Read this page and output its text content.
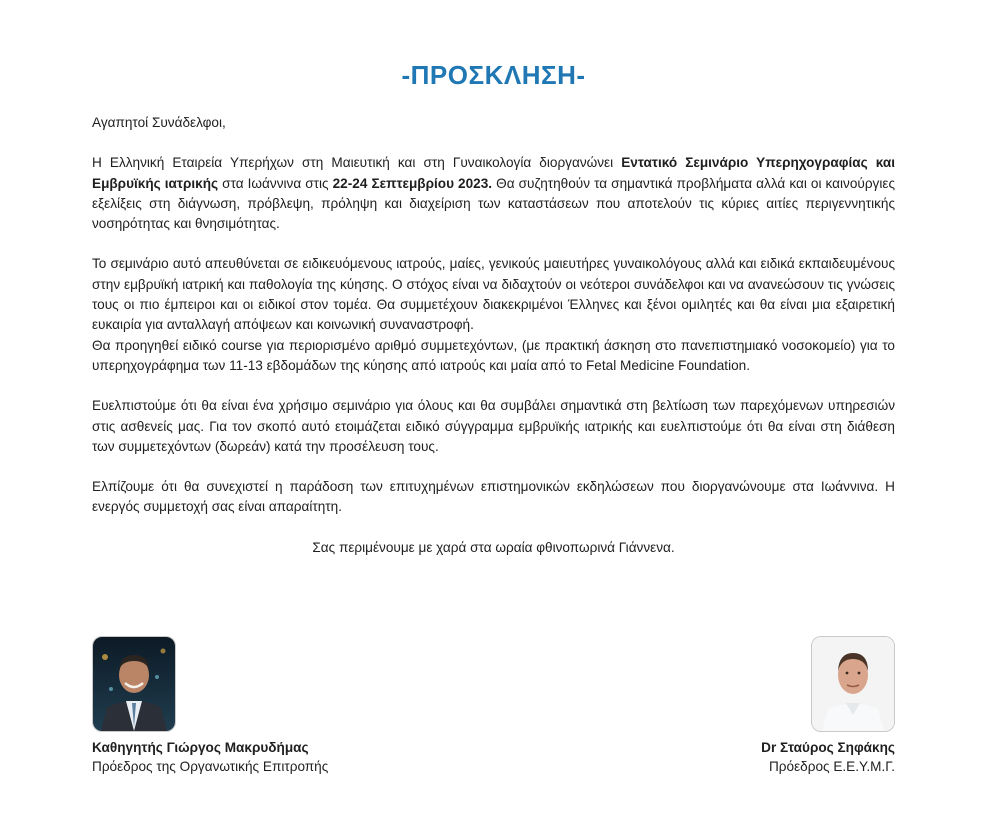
-ΠΡΟΣΚΛΗΣΗ-

Αγαπητοί Συνάδελφοι,

Η Ελληνική Εταιρεία Υπερήχων στη Μαιευτική και στη Γυναικολογία διοργανώνει Εντατικό Σεμινάριο Υπερηχογραφίας και Εμβρυϊκής ιατρικής στα Ιωάννινα στις 22-24 Σεπτεμβρίου 2023. Θα συζητηθούν τα σημαντικά προβλήματα αλλά και οι καινούργιες εξελίξεις στη διάγνωση, πρόβλεψη, πρόληψη και διαχείριση των καταστάσεων που αποτελούν τις κύριες αιτίες περιγεννητικής νοσηρότητας και θνησιμότητας.

Το σεμινάριο αυτό απευθύνεται σε ειδικευόμενους ιατρούς, μαίες, γενικούς μαιευτήρες γυναικολόγους αλλά και ειδικά εκπαιδευμένους στην εμβρυϊκή ιατρική και παθολογία της κύησης. Ο στόχος είναι να διδαχτούν οι νεότεροι συνάδελφοι και να ανανεώσουν τις γνώσεις τους οι πιο έμπειροι και οι ειδικοί στον τομέα. Θα συμμετέχουν διακεκριμένοι Έλληνες και ξένοι ομιλητές και θα είναι μια εξαιρετική ευκαιρία για ανταλλαγή απόψεων και κοινωνική συναναστροφή.

Θα προηγηθεί ειδικό course για περιορισμένο αριθμό συμμετεχόντων, (με πρακτική άσκηση στο πανεπιστημιακό νοσοκομείο) για το υπερηχογράφημα των 11-13 εβδομάδων της κύησης από ιατρούς και μαία από το Fetal Medicine Foundation.

Ευελπιστούμε ότι θα είναι ένα χρήσιμο σεμινάριο για όλους και θα συμβάλει σημαντικά στη βελτίωση των παρεχόμενων υπηρεσιών στις ασθενείς μας. Για τον σκοπό αυτό ετοιμάζεται ειδικό σύγγραμμα εμβρυϊκής ιατρικής και ευελπιστούμε ότι θα είναι στη διάθεση των συμμετεχόντων (δωρεάν) κατά την προσέλευση τους.

Ελπίζουμε ότι θα συνεχιστεί η παράδοση των επιτυχημένων επιστημονικών εκδηλώσεων που διοργανώνουμε στα Ιωάννινα. Η ενεργός συμμετοχή σας είναι απαραίτητη.

Σας περιμένουμε με χαρά στα ωραία φθινοπωρινά Γιάννενα.

Καθηγητής Γιώργος Μακρυδήμας
Πρόεδρος της Οργανωτικής Επιτροπής
Dr Σταύρος Σηφάκης
Πρόεδρος Ε.Ε.Υ.Μ.Γ.
